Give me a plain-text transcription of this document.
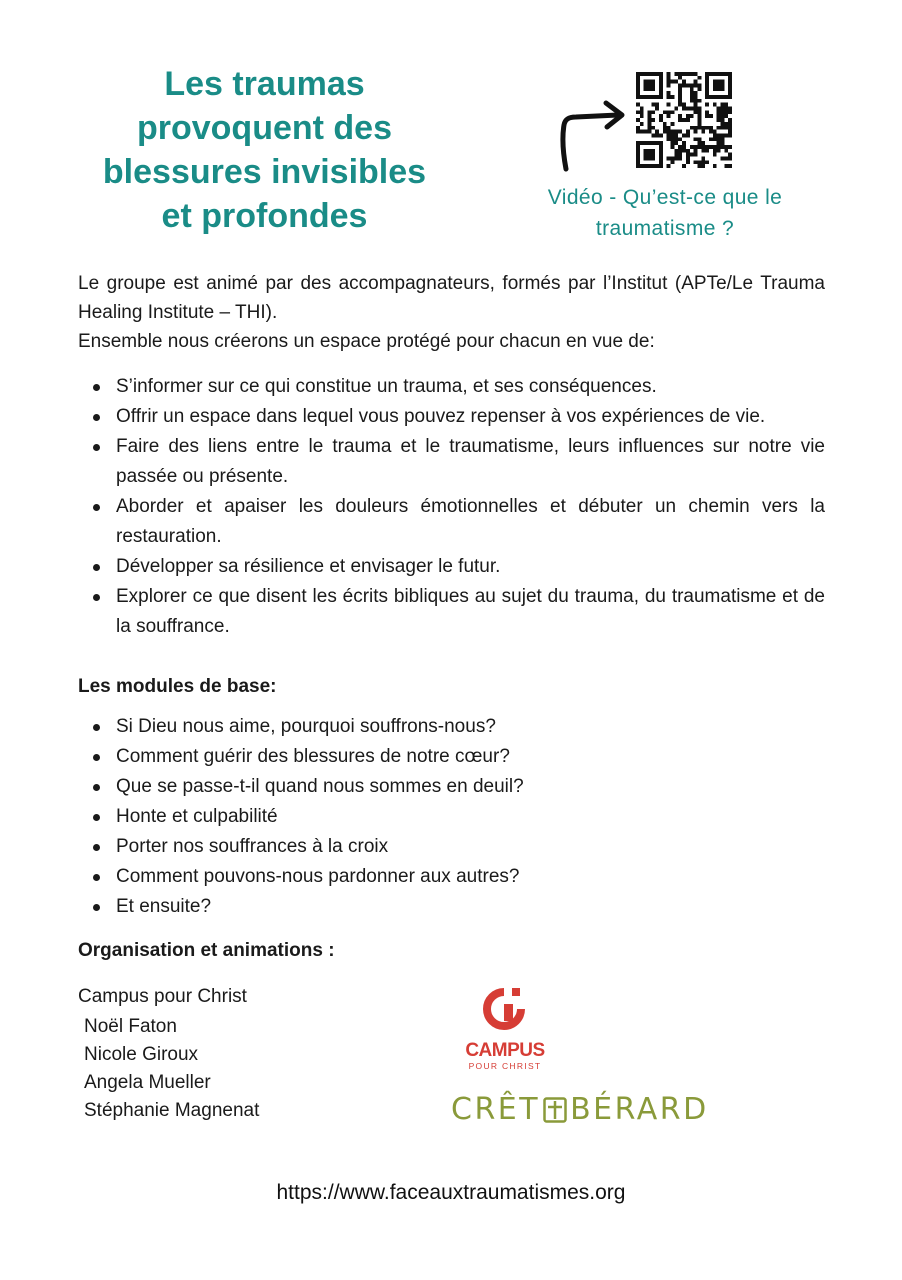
Les traumas
provoquent des
blessures invisibles
et profondes	Vidéo - Qu’est-ce que le
traumatisme ?

Le groupe est animé par des accompagnateurs, formés par l’Institut (APTe/Le Trauma Healing Institute – THI).

Ensemble nous créerons un espace protégé pour chacun en vue de:

S’informer sur ce qui constitue un trauma, et ses conséquences.
Offrir un espace dans lequel vous pouvez repenser à vos expériences de vie.
Faire des liens entre le trauma et le traumatisme, leurs influences sur notre vie passée ou présente.
Aborder et apaiser les douleurs émotionnelles et débuter un chemin vers la restauration.
Développer sa résilience et envisager le futur.
Explorer ce que disent les écrits bibliques au sujet du trauma, du traumatisme et de la souffrance.
Les modules de base:
Si Dieu nous aime, pourquoi souffrons-nous?
Comment guérir des blessures de notre cœur?
Que se passe-t-il quand nous sommes en deuil?
Honte et culpabilité
Porter nos souffrances à la croix
Comment pouvons-nous pardonner aux autres?
Et ensuite?
Organisation et animations :
Campus pour Christ
Noël Faton
Nicole Giroux
Angela Mueller
Stéphanie Magnenat
CAMPUS
POUR CHRIST
CRÊT BÉRARD
https://www.faceauxtraumatismes.org
